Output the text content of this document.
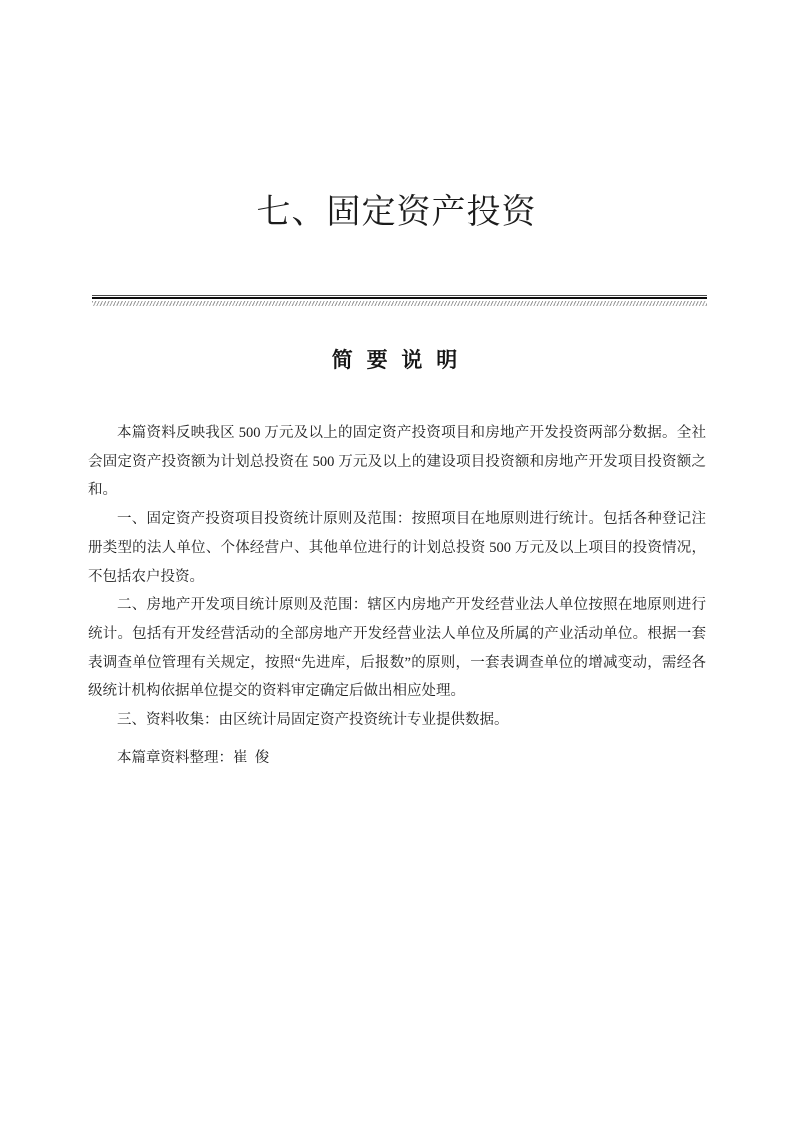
七、固定资产投资
简 要 说 明

本篇资料反映我区 500 万元及以上的固定资产投资项目和房地产开发投资两部分数据。全社会固定资产投资额为计划总投资在 500 万元及以上的建设项目投资额和房地产开发项目投资额之和。

一、固定资产投资项目投资统计原则及范围：按照项目在地原则进行统计。包括各种登记注册类型的法人单位、个体经营户、其他单位进行的计划总投资 500 万元及以上项目的投资情况，不包括农户投资。

二、房地产开发项目统计原则及范围：辖区内房地产开发经营业法人单位按照在地原则进行统计。包括有开发经营活动的全部房地产开发经营业法人单位及所属的产业活动单位。根据一套表调查单位管理有关规定，按照“先进库，后报数”的原则，一套表调查单位的增减变动，需经各级统计机构依据单位提交的资料审定确定后做出相应处理。

三、资料收集：由区统计局固定资产投资统计专业提供数据。

本篇章资料整理：崔  俊
